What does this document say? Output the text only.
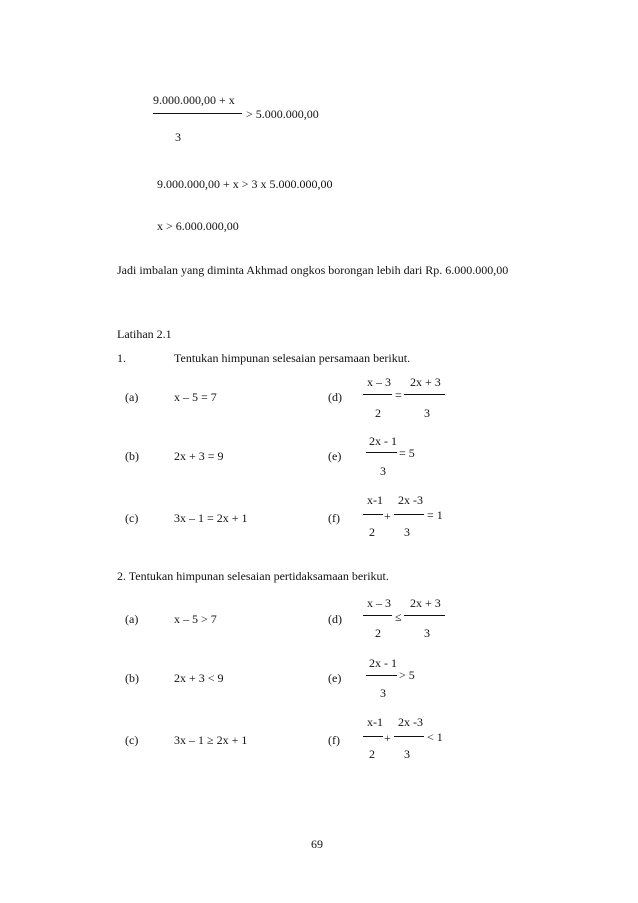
9.000.000,00 + x
> 5.000.000,00
3
9.000.000,00 + x > 3 x 5.000.000,00
x > 6.000.000,00
Jadi imbalan yang diminta Akhmad ongkos borongan lebih dari Rp. 6.000.000,00
Latihan 2.1
1.	Tentukan himpunan selesaian persamaan berikut.
(a)	x – 5 = 7	(d)
x – 3 2x + 3
=
2	3
(b)	2x + 3 = 9	(e)
2x - 1
= 5
3
(c)	3x – 1 = 2x + 1	(f)
x-1 2x -3
+	= 1
2 3
2. Tentukan himpunan selesaian pertidaksamaan berikut.
(a)	x – 5 > 7	(d)
x – 3 2x + 3
≤
2	3
(b)	2x + 3 < 9	(e)
2x - 1
> 5
3
(c)	3x – 1 ≥ 2x + 1	(f)
x-1 2x -3
+	< 1
2 3
69
